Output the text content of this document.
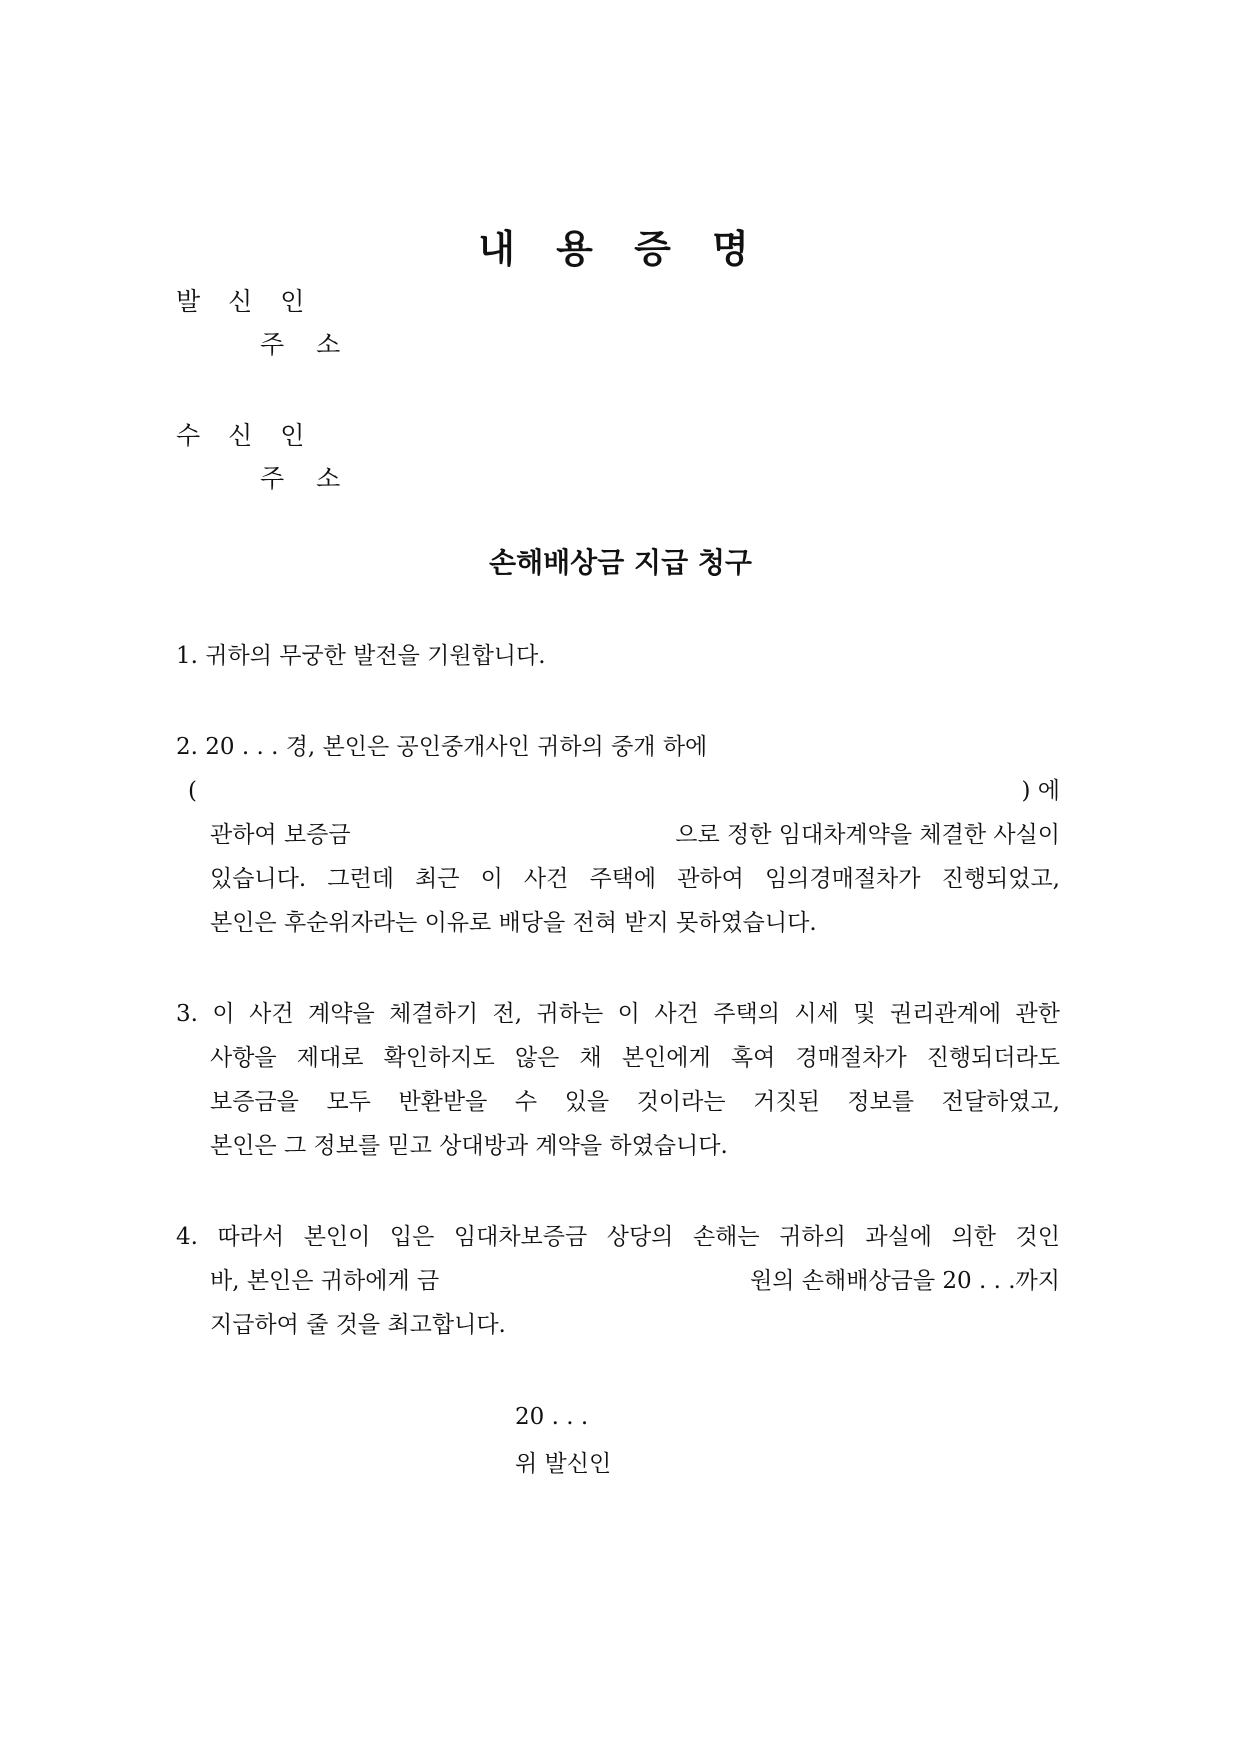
내 용 증 명
발 신 인
주 소
수 신 인
주 소
손해배상금 지급 청구
1. 귀하의 무궁한 발전을 기원합니다.
2. 20 . . . 경, 본인은 공인중개사인 귀하의 중개 하에
(	) 에
관하여 보증금	으로 정한 임대차계약을 체결한 사실이
있습니다. 그런데 최근 이 사건 주택에 관하여 임의경매절차가 진행되었고,
본인은 후순위자라는 이유로 배당을 전혀 받지 못하였습니다.
3. 이 사건 계약을 체결하기 전, 귀하는 이 사건 주택의 시세 및 권리관계에 관한
사항을 제대로 확인하지도 않은 채 본인에게 혹여 경매절차가 진행되더라도
보증금을 모두 반환받을 수 있을 것이라는 거짓된 정보를 전달하였고,
본인은 그 정보를 믿고 상대방과 계약을 하였습니다.
4. 따라서 본인이 입은 임대차보증금 상당의 손해는 귀하의 과실에 의한 것인
바, 본인은 귀하에게 금	원의 손해배상금을 20 . . .까지
지급하여 줄 것을 최고합니다.
20 . . .
위 발신인
